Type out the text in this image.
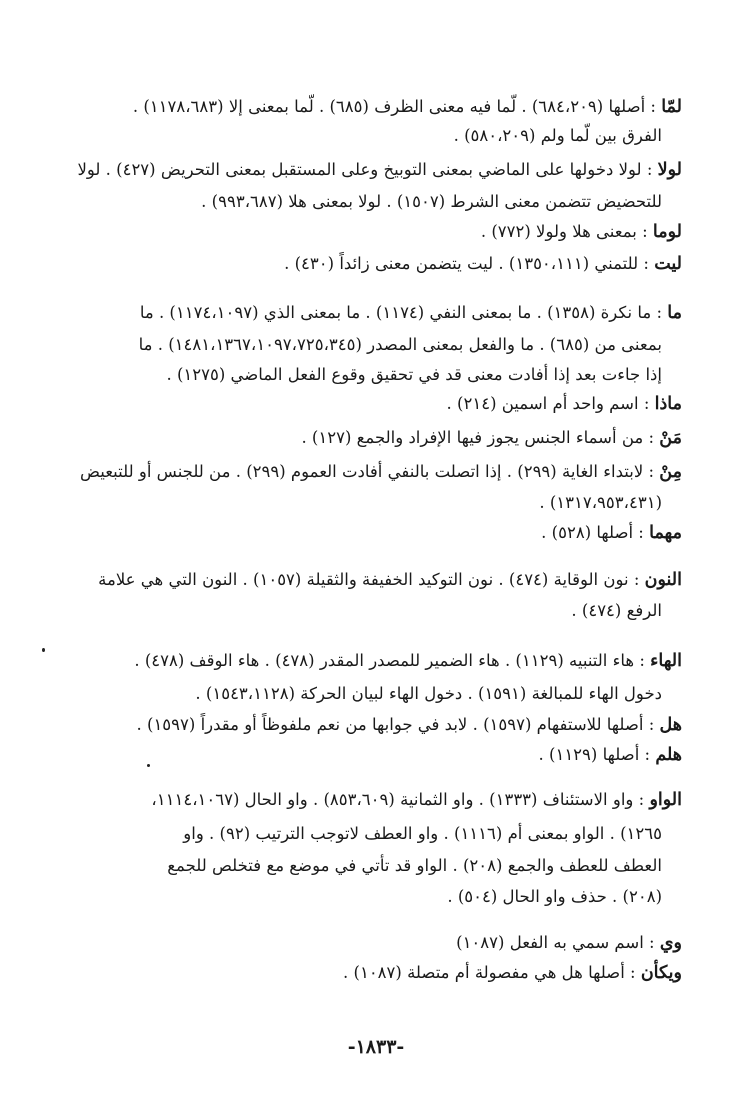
لمّا : أصلها (٦٨٤،٢٠٩) . لّما فيه معنى الظرف (٦٨٥) . لّما بمعنى إلا (١١٧٨،٦٨٣) .
الفرق بين لّما ولم (٥٨٠،٢٠٩) .
لولا : لولا دخولها على الماضي بمعنى التوبيخ وعلى المستقبل بمعنى التحريض (٤٢٧) . لولا
للتحضيض تتضمن معنى الشرط (١٥٠٧) . لولا بمعنى هلا (٩٩٣،٦٨٧) .
لوما : بمعنى هلا ولولا (٧٧٢) .
ليت : للتمني (١٣٥٠،١١١) . ليت يتضمن معنى زائداً (٤٣٠) .
ما : ما نكرة (١٣٥٨) . ما بمعنى النفي (١١٧٤) . ما بمعنى الذي (١١٧٤،١٠٩٧) . ما
بمعنى من (٦٨٥) . ما والفعل بمعنى المصدر (١٤٨١،١٣٦٧،١٠٩٧،٧٢٥،٣٤٥) . ما
إذا جاءت بعد إذا أفادت معنى قد في تحقيق وقوع الفعل الماضي (١٢٧٥) .
ماذا : اسم واحد أم اسمين (٢١٤) .
مَنْ : من أسماء الجنس يجوز فيها الإفراد والجمع (١٢٧) .
مِنْ : لابتداء الغاية (٢٩٩) . إذا اتصلت بالنفي أفادت العموم (٢٩٩) . من للجنس أو للتبعيض
(١٣١٧،٩٥٣،٤٣١) .
مهما : أصلها (٥٢٨) .
النون : نون الوقاية (٤٧٤) . نون التوكيد الخفيفة والثقيلة (١٠٥٧) . النون التي هي علامة
الرفع (٤٧٤) .
الهاء : هاء التنبيه (١١٢٩) . هاء الضمير للمصدر المقدر (٤٧٨) . هاء الوقف (٤٧٨) .
دخول الهاء للمبالغة (١٥٩١) . دخول الهاء لبيان الحركة (١٥٤٣،١١٢٨) .
هل : أصلها للاستفهام (١٥٩٧) . لابد في جوابها من نعم ملفوظاً أو مقدراً (١٥٩٧) .
هلم : أصلها (١١٢٩) .
الواو : واو الاستئناف (١٣٣٣) . واو الثمانية (٨٥٣،٦٠٩) . واو الحال (١١١٤،١٠٦٧،
١٢٦٥) . الواو بمعنى أم (١١١٦) . واو العطف لاتوجب الترتيب (٩٢) . واو
العطف للعطف والجمع (٢٠٨) . الواو قد تأتي في موضع مع فتخلص للجمع
(٢٠٨) . حذف واو الحال (٥٠٤) .
وي : اسم سمي به الفعل (١٠٨٧)
ويكأن : أصلها هل هي مفصولة أم متصلة (١٠٨٧) .
-١٨٣٣-
